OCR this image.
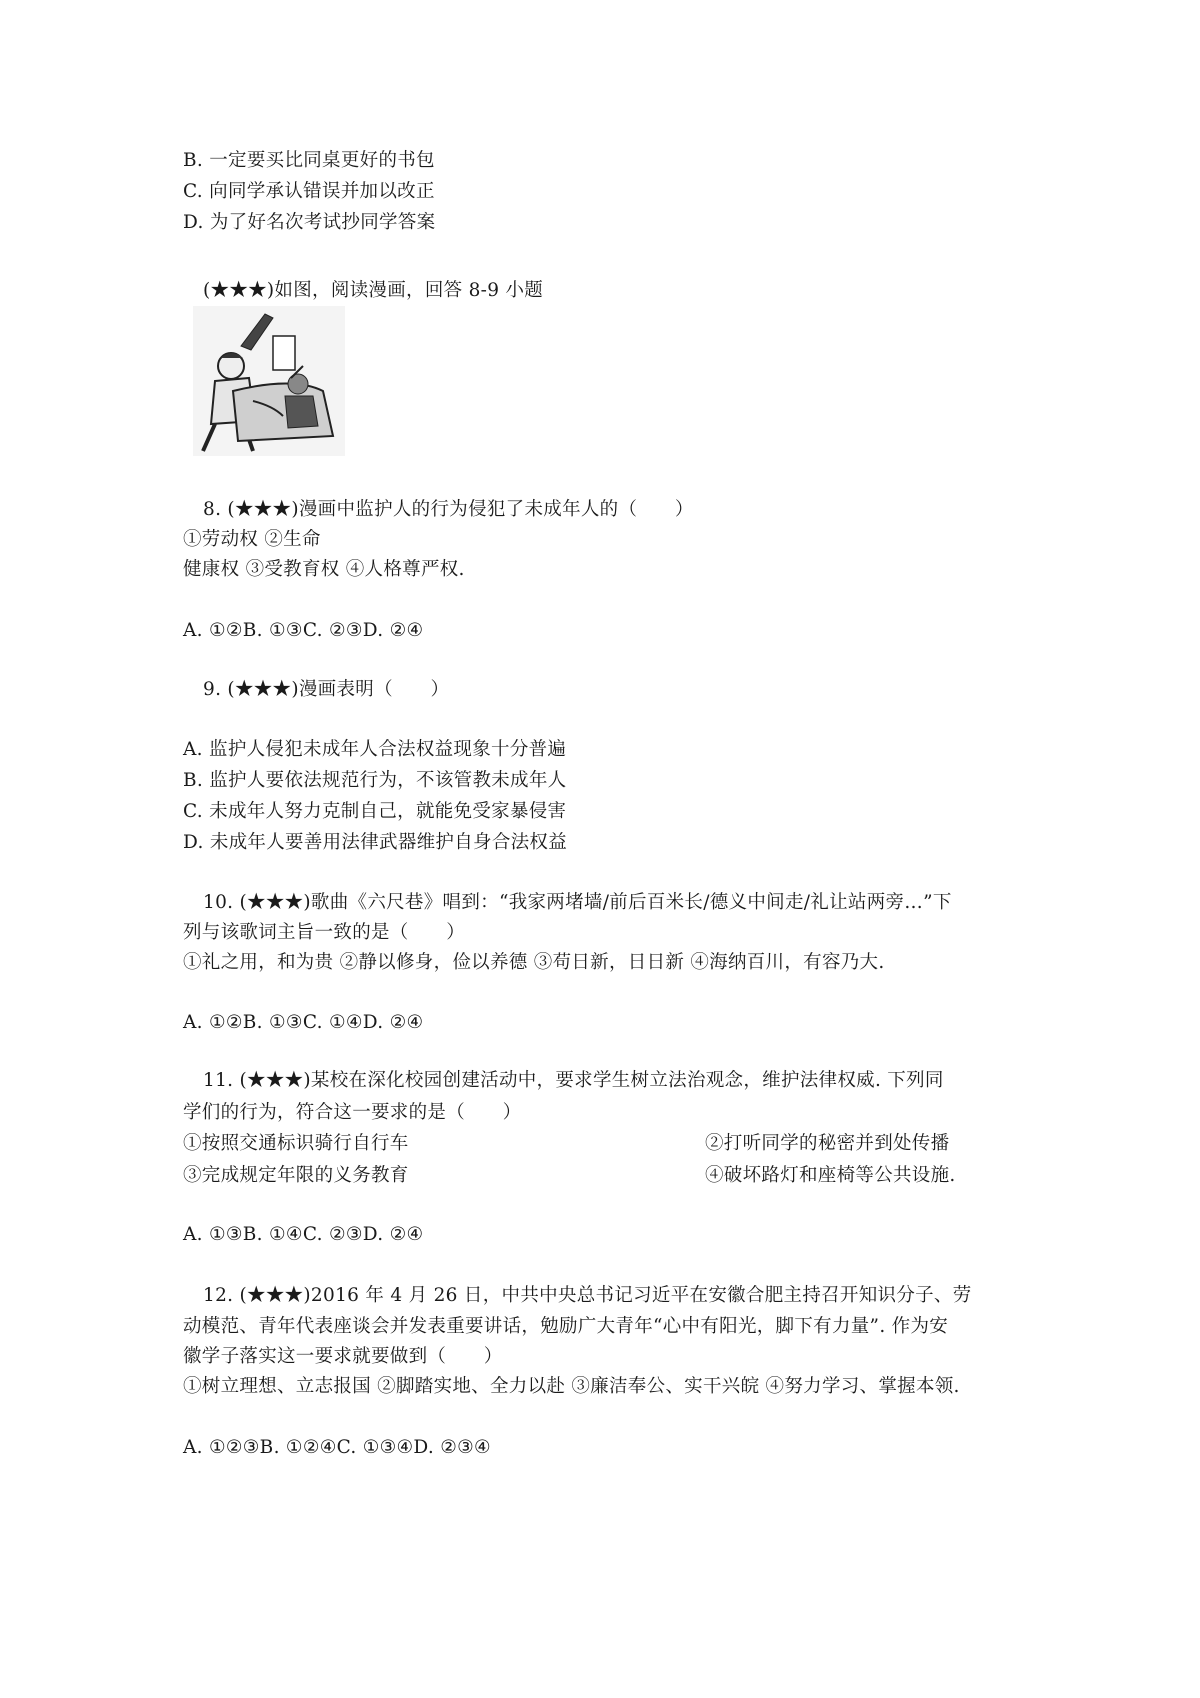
B. 一定要买比同桌更好的书包
C. 向同学承认错误并加以改正
D. 为了好名次考试抄同学答案
(★★★)如图，阅读漫画，回答 8-9 小题
8. (★★★)漫画中监护人的行为侵犯了未成年人的（　　）
①劳动权 ②生命
健康权 ③受教育权 ④人格尊严权.
A. ①②B. ①③C. ②③D. ②④
9. (★★★)漫画表明（　　）
A. 监护人侵犯未成年人合法权益现象十分普遍
B. 监护人要依法规范行为，不该管教未成年人
C. 未成年人努力克制自己，就能免受家暴侵害
D. 未成年人要善用法律武器维护自身合法权益
10. (★★★)歌曲《六尺巷》唱到：“我家两堵墙/前后百米长/德义中间走/礼让站两旁…”下
列与该歌词主旨一致的是（　　）
①礼之用，和为贵 ②静以修身，俭以养德 ③苟日新，日日新 ④海纳百川，有容乃大.
A. ①②B. ①③C. ①④D. ②④
11. (★★★)某校在深化校园创建活动中，要求学生树立法治观念，维护法律权威. 下列同
学们的行为，符合这一要求的是（　　）
①按照交通标识骑行自行车	②打听同学的秘密并到处传播
③完成规定年限的义务教育	④破坏路灯和座椅等公共设施.
A. ①③B. ①④C. ②③D. ②④
12. (★★★)2016 年 4 月 26 日，中共中央总书记习近平在安徽合肥主持召开知识分子、劳
动模范、青年代表座谈会并发表重要讲话，勉励广大青年“心中有阳光，脚下有力量”. 作为安
徽学子落实这一要求就要做到（　　）
①树立理想、立志报国 ②脚踏实地、全力以赴 ③廉洁奉公、实干兴皖 ④努力学习、掌握本领.
A. ①②③B. ①②④C. ①③④D. ②③④
